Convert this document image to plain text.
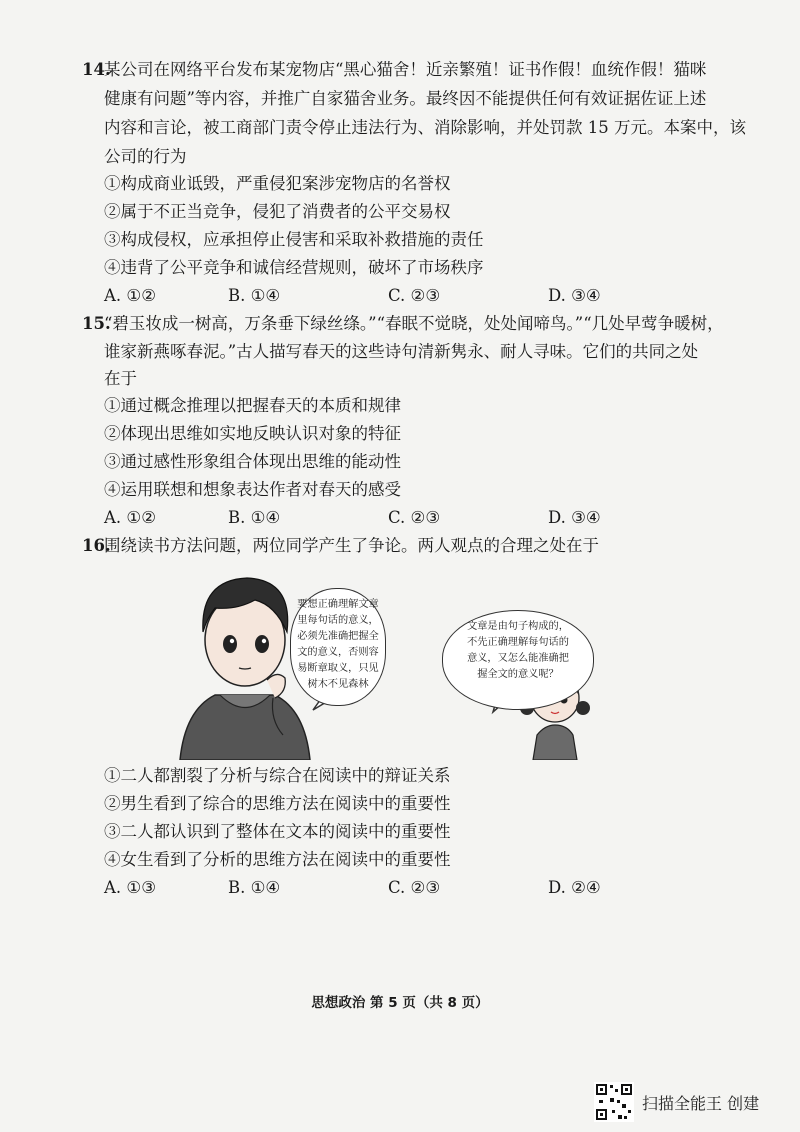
14.
某公司在网络平台发布某宠物店“黑心猫舍！近亲繁殖！证书作假！血统作假！猫咪
健康有问题”等内容，并推广自家猫舍业务。最终因不能提供任何有效证据佐证上述
内容和言论，被工商部门责令停止违法行为、消除影响，并处罚款 15 万元。本案中，该
公司的行为
①构成商业诋毁，严重侵犯案涉宠物店的名誉权
②属于不正当竞争，侵犯了消费者的公平交易权
③构成侵权，应承担停止侵害和采取补救措施的责任
④违背了公平竞争和诚信经营规则，破坏了市场秩序
A. ①②	B. ①④	C. ②③	D. ③④
15.
“碧玉妆成一树高，万条垂下绿丝绦。”“春眠不觉晓，处处闻啼鸟。”“几处早莺争暖树，
谁家新燕啄春泥。”古人描写春天的这些诗句清新隽永、耐人寻味。它们的共同之处
在于
①通过概念推理以把握春天的本质和规律
②体现出思维如实地反映认识对象的特征
③通过感性形象组合体现出思维的能动性
④运用联想和想象表达作者对春天的感受
A. ①②	B. ①④	C. ②③	D. ③④
16.
围绕读书方法问题，两位同学产生了争论。两人观点的合理之处在于
要想正确理解文章
里每句话的意义，
必须先准确把握全
文的意义，否则容
易断章取义，只见
树木不见森林
文章是由句子构成的，
不先正确理解每句话的
意义，又怎么能准确把
握全文的意义呢？
①二人都割裂了分析与综合在阅读中的辩证关系
②男生看到了综合的思维方法在阅读中的重要性
③二人都认识到了整体在文本的阅读中的重要性
④女生看到了分析的思维方法在阅读中的重要性
A. ①③	B. ①④	C. ②③	D. ②④
思想政治 第 5 页（共 8 页）
扫描全能王 创建
